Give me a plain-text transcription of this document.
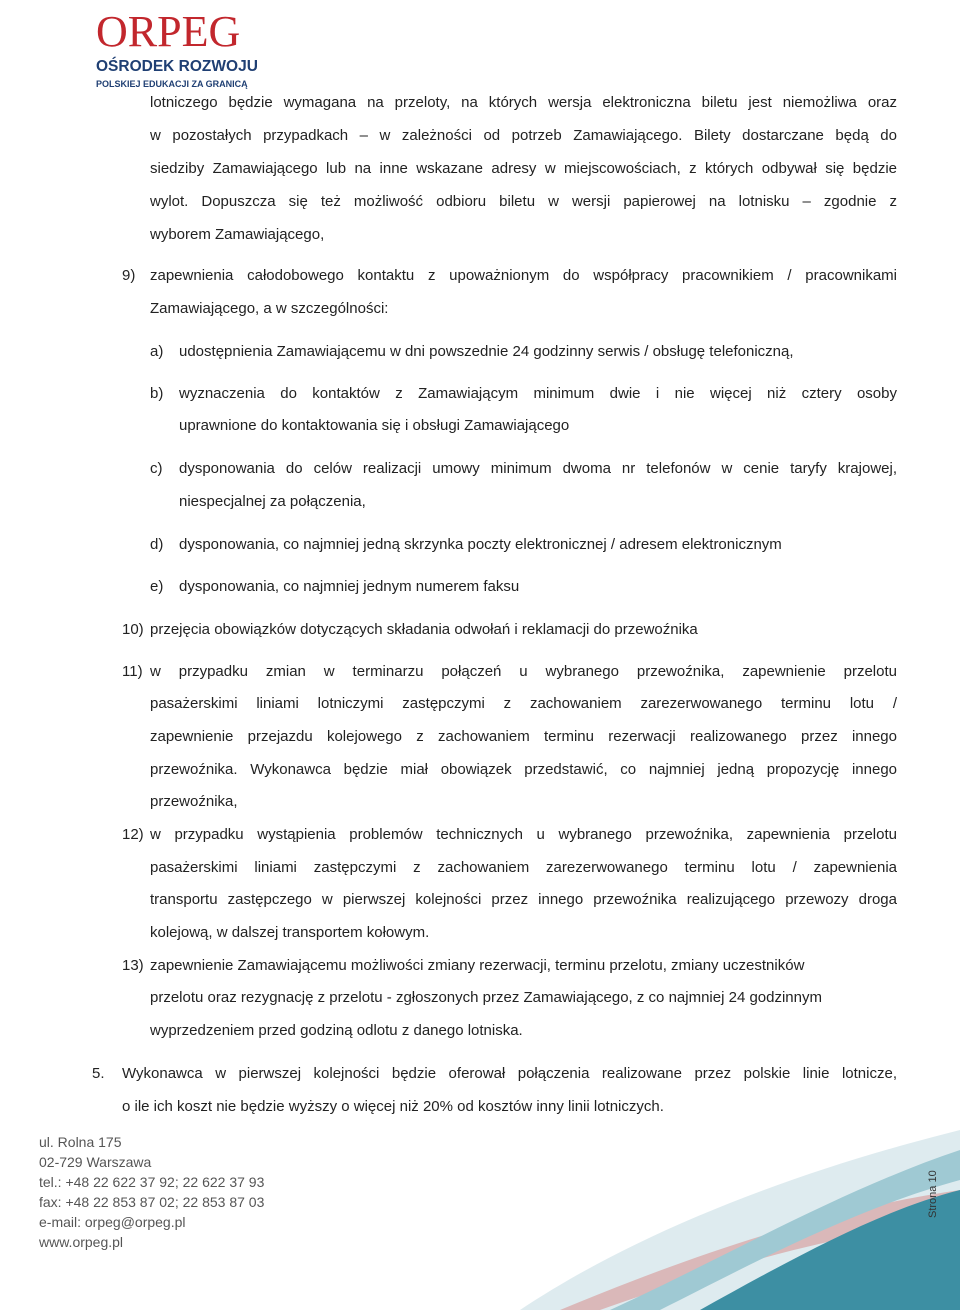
ORPEG
OŚRODEK ROZWOJU
POLSKIEJ EDUKACJI ZA GRANICĄ
lotniczego będzie wymagana na przeloty, na których wersja elektroniczna biletu jest niemożliwa oraz
w pozostałych przypadkach – w zależności od potrzeb Zamawiającego. Bilety dostarczane będą do
siedziby Zamawiającego lub na inne wskazane adresy w miejscowościach, z których odbywał się będzie
wylot. Dopuszcza się też możliwość odbioru biletu w wersji papierowej na lotnisku – zgodnie z
wyborem Zamawiającego,
9) zapewnienia całodobowego kontaktu z upoważnionym do współpracy pracownikiem / pracownikami
Zamawiającego, a w szczególności:
a) udostępnienia Zamawiającemu w dni powszednie 24 godzinny serwis / obsługę telefoniczną,
b) wyznaczenia do kontaktów z Zamawiającym minimum dwie i nie więcej niż cztery osoby
uprawnione do kontaktowania się i obsługi Zamawiającego
c) dysponowania do celów realizacji umowy minimum dwoma nr telefonów w cenie taryfy krajowej,
niespecjalnej za połączenia,
d) dysponowania, co najmniej jedną skrzynka poczty elektronicznej / adresem elektronicznym
e) dysponowania, co najmniej jednym numerem faksu
10) przejęcia obowiązków dotyczących składania odwołań i reklamacji do przewoźnika
11) w przypadku zmian w terminarzu połączeń u wybranego przewoźnika, zapewnienie przelotu
pasażerskimi liniami lotniczymi zastępczymi z zachowaniem zarezerwowanego terminu lotu /
zapewnienie przejazdu kolejowego z zachowaniem terminu rezerwacji realizowanego przez innego
przewoźnika. Wykonawca będzie miał obowiązek przedstawić, co najmniej jedną propozycję innego
przewoźnika,
12) w przypadku wystąpienia problemów technicznych u wybranego przewoźnika, zapewnienia przelotu
pasażerskimi liniami zastępczymi z zachowaniem zarezerwowanego terminu lotu / zapewnienia
transportu zastępczego w pierwszej kolejności przez innego przewoźnika realizującego przewozy droga
kolejową, w dalszej transportem kołowym.
13) zapewnienie Zamawiającemu możliwości zmiany rezerwacji, terminu przelotu, zmiany uczestników
przelotu oraz rezygnację z przelotu - zgłoszonych przez Zamawiającego, z co najmniej 24 godzinnym
wyprzedzeniem przed godziną odlotu z danego lotniska.
5. Wykonawca w pierwszej kolejności będzie oferował połączenia realizowane przez polskie linie lotnicze,
o ile ich koszt nie będzie wyższy o więcej niż 20% od kosztów inny linii lotniczych.
ul. Rolna 175
02-729 Warszawa
tel.: +48 22 622 37 92; 22 622 37 93
fax: +48 22 853 87 02; 22 853 87 03
e-mail: orpeg@orpeg.pl
www.orpeg.pl
Strona 10
